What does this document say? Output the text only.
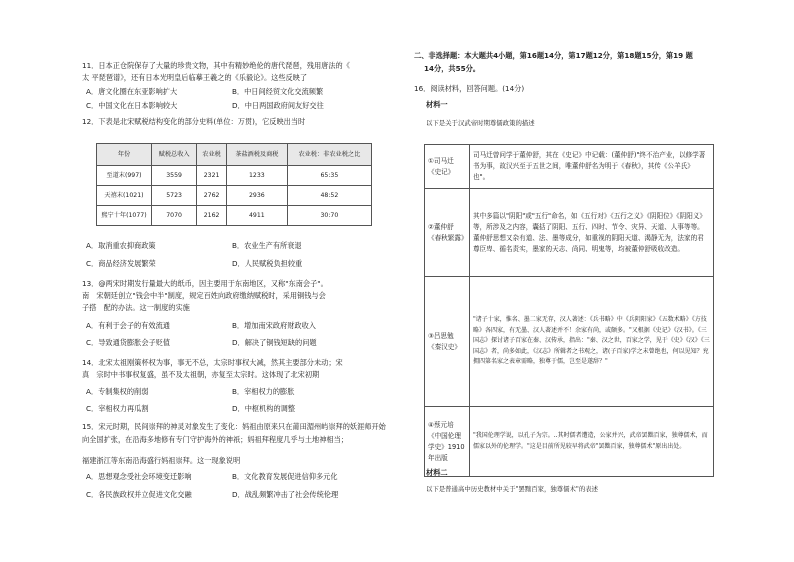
11．日本正仓院保存了大量的珍贵文物，其中有精妙绝伦的唐代琵琶，残用唐法的《
太 平琵琶谱》，还有日本光明皇后临摹王羲之的《乐毅论》。这些反映了
A．唐文化圈在东亚影响扩大	B．中日间经贸文化交流频繁
C．中国文化在日本影响较大	D．中日两国政府间友好交往
12．下表是北宋赋税结构变化的部分史料(单位：万贯)，它反映出当时
年份	赋税总收入	农业税	茶盐酒税及商税	农业税：非农业税之比
至道末(997)	3559	2321	1233	65:35
天禧末(1021)	5723	2762	2936	48:52
熙宁十年(1077)	7070	2162	4911	30:70
A．取消重农抑商政策	B．农业生产有所衰退
C．商品经济发展繁荣	D．人民赋税负担较重
13．@两宋时期发行量最大的纸币，因主要用于东南地区，又称"东南会子"。
南　宋朝廷创立"钱会中半"制度，规定百姓向政府缴纳赋税时，采用铜钱与会
子搭　配的办法。这一制度的实施
A．有利于会子的有效流通	B．增加南宋政府财政收入
C．导致通货膨胀会子贬值	D．解决了铜钱短缺的问题
14．北宋太祖刚策杯权为事，事无不总，太宗时事权大减，然其主要部分未动；宋
真　宗时中书事权复盛，虽不及太祖朝，亦复至太宗时。这体现了北宋初期
A．专制集权的削弱	B．宰相权力的膨胀
C．宰相权力再瓜割	D．中枢机构的调整
15．宋元时期，民间崇拜的神灵对象发生了变化：妈祖由原来只在莆田湄州屿崇拜的妖涯师开始
向全国扩张，在沿海多地修有专门守护海外的神祇；妈祖拜程度几乎与土地神相当；
福建浙江等东南沿海盛行妈祖崇拜。这一现象说明
A．思想观念受社会环境变迁影响	B．文化教育发展促进信仰多元化
C．各民族政权并立促进文化交融	D．战乱频繁冲击了社会传统伦理
二、非选择题：本大题共4小题，第16题14分，第17题12分，第18题15分，第19 题
14分，共55分。
16．阅读材料，回答问题。(14分)
材料一
以下是关于汉武帝时期尊儒政策的描述
①司马迁《史记》	司马迁曾问学于董仲舒，其在《史记》中记载：(董仲舒)"终不治产业，以修学著书为事，故汉兴至于五世之间，唯董仲舒名为明于《春秋》，其传《公羊氏》也"。
②董仲舒《春秋繁露》	其中多篇以"阴阳"或"五行"命名，如《五行对》《五行之义》《阴阳位》《阴阳义》等，所涉及之内容，囊括了阴阳、五行、四时、节令、灾异、天道、人事等等。董仲舒思想又杂有道、法、墨等成分，如重视的阴阳天道、渴静无为，法家的君尊臣卑、循名责实，墨家的天志、尚同、明鬼等，均被董仲舒吸收改造。
③吕思勉《秦汉史》	"诸子十家，惟名、墨二家无存，汉人著述：《兵书略》中《兵阴阳家》《五数术略》《方技略》各四家，有无墨、汉人著述并不！余家有尚，或颇多。"又根据《史记》《汉书》。《三国志》探讨诸子百家在秦、汉传承，指出："秦、汉之世，百家之学，见于《史》《汉》《三国志》者，尚多如此，《汉志》所辑者之书观之，诸(子百家)学之未曾绝也，何以见知？兖拥四第名家之表章需略，独尊于儒，岂至是遂辞？"
④蔡元培《中国伦理学史》1910年出版	"我国伦理学说，以孔子为宗。..其时儒者遭造，公家并兴，武帝罢黜百家，独尊儒术，而儒家以外的伦理学。"这是目前所见较早将武帝"罢黜百家，独尊儒术"原出出处。
材料二
以下是普通高中历史教材中关于"罢黜百家，独尊儒术"的表述
